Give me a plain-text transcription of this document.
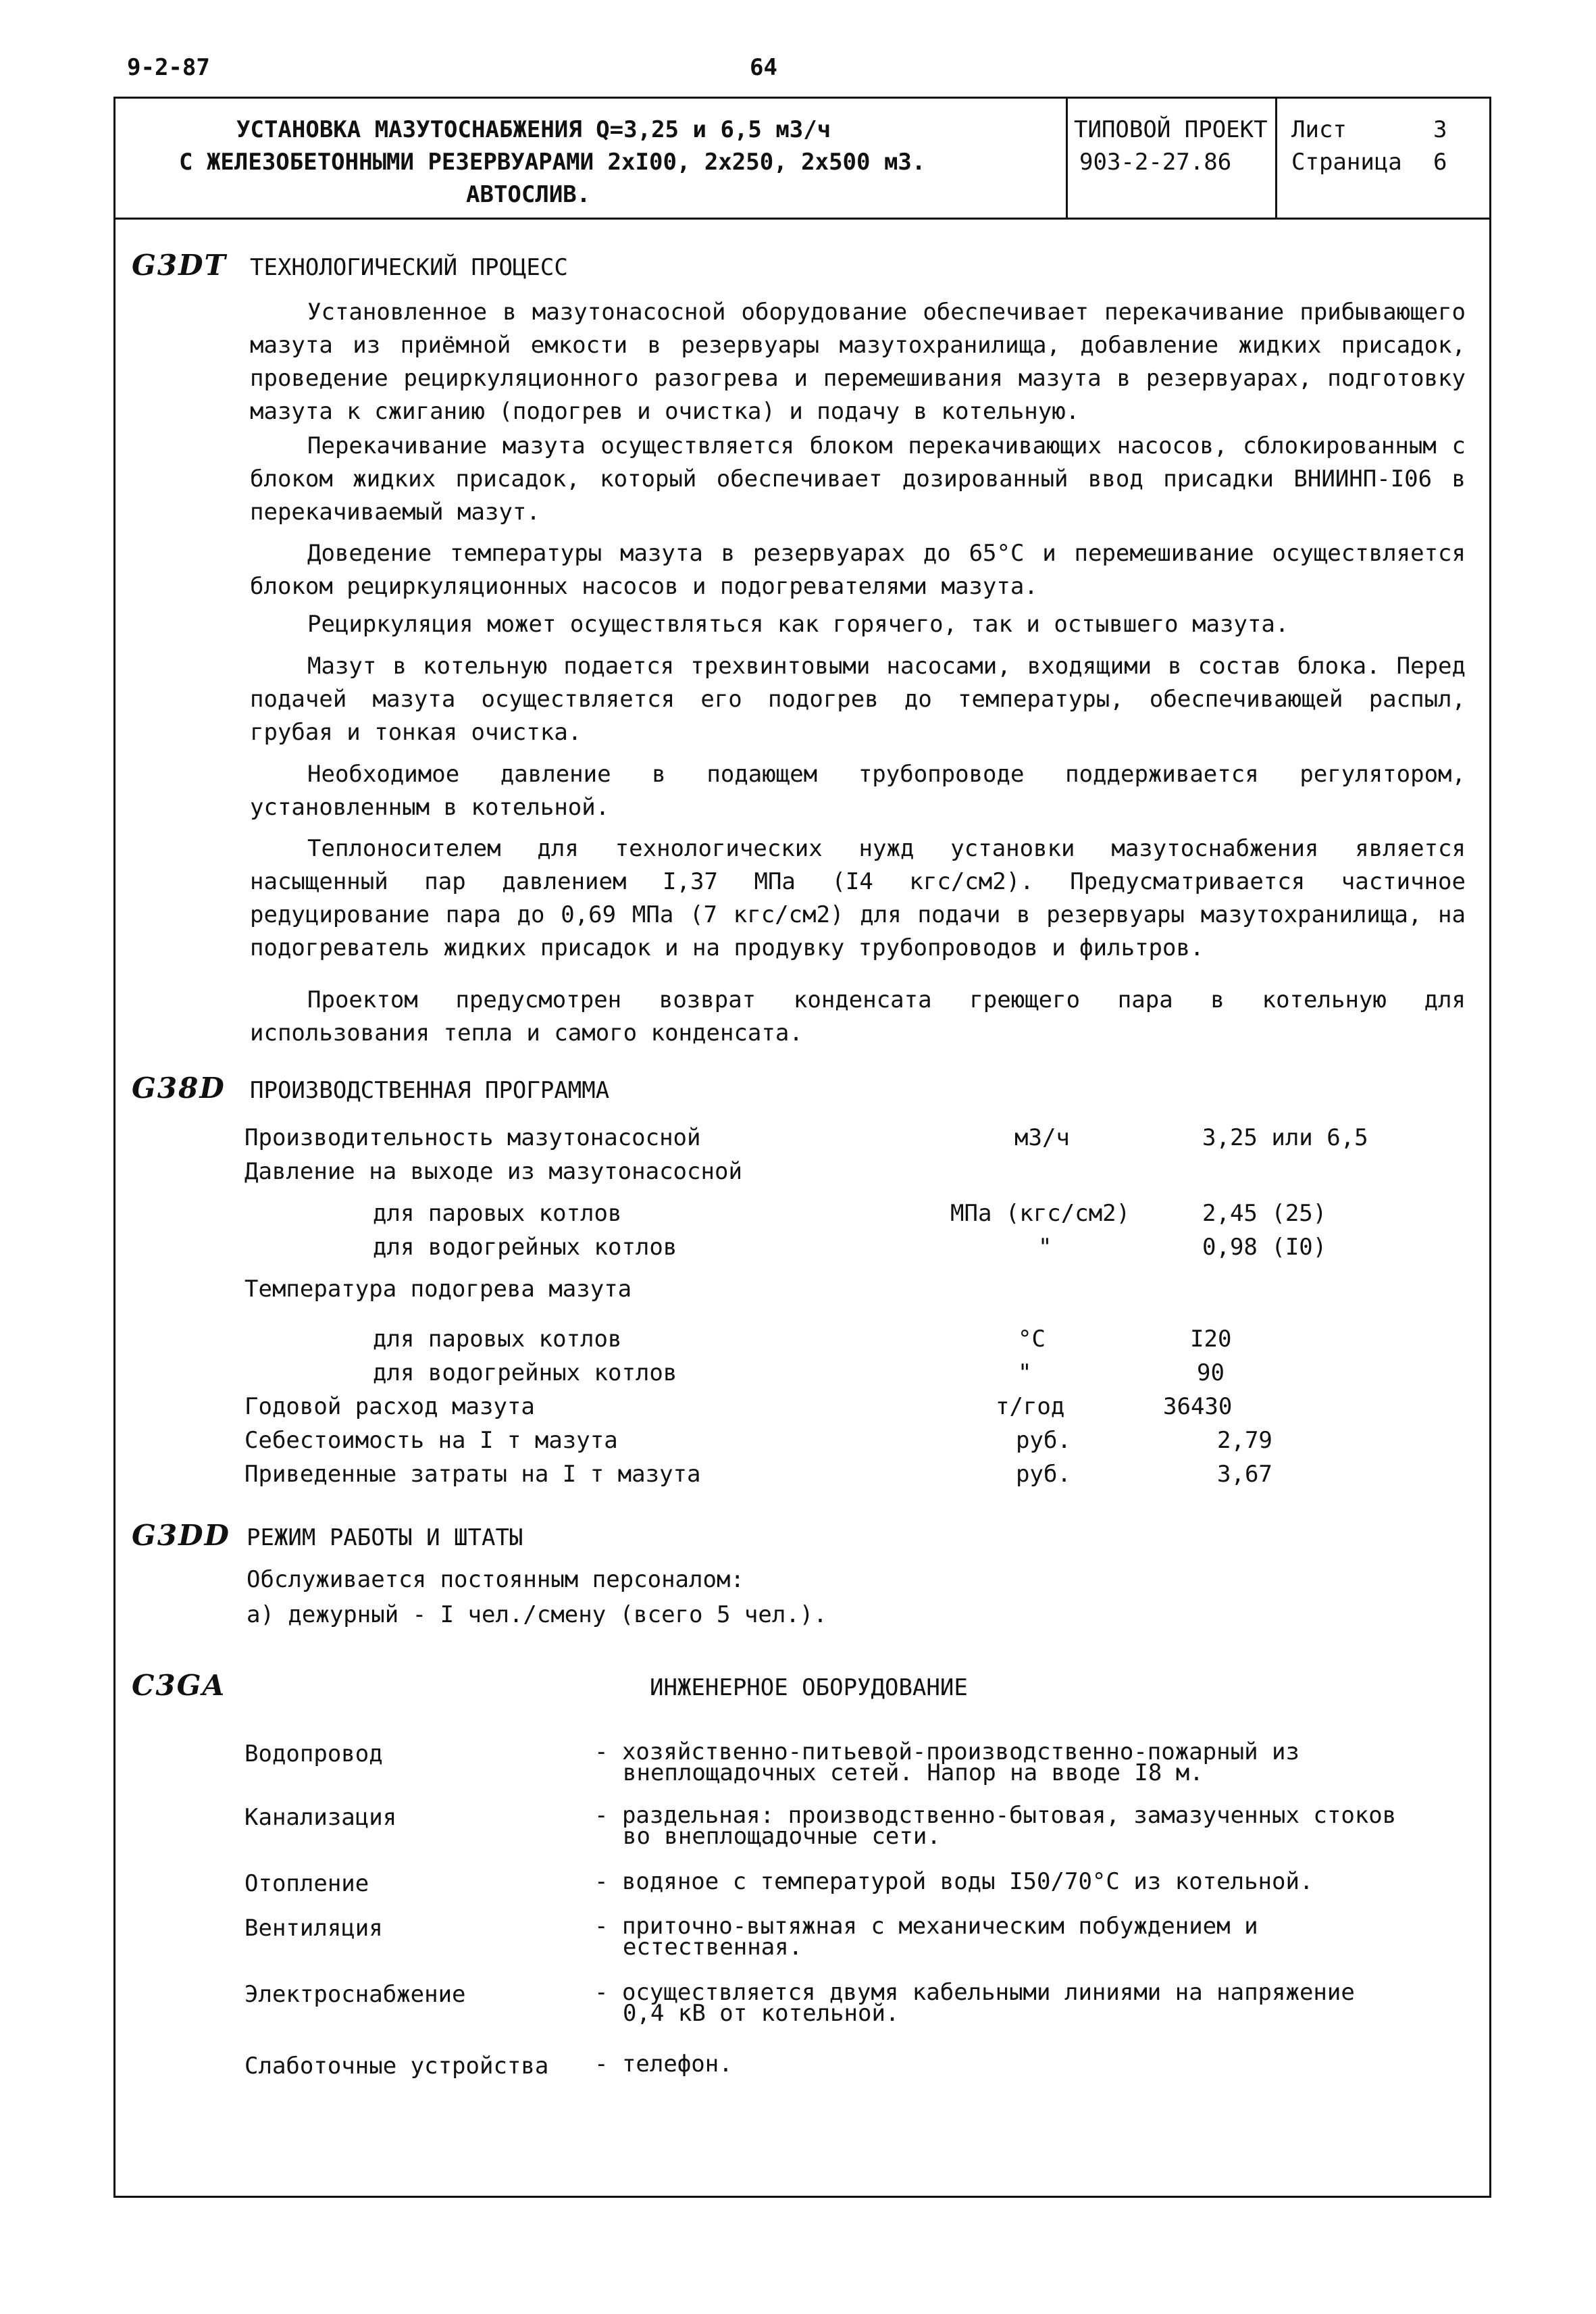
9-2-87	64
УСТАНОВКА МАЗУТОСНАБЖЕНИЯ Q=3,25 и 6,5 м3/ч
С ЖЕЛЕЗОБЕТОННЫМИ РЕЗЕРВУАРАМИ 2хI00, 2х250, 2х500 м3.
АВТОСЛИВ.
ТИПОВОЙ ПРОЕКТ
903-2-27.86
Лист	3
Страница 6
G3DT ТЕХНОЛОГИЧЕСКИЙ ПРОЦЕСС
Установленное в мазутонасосной оборудование обеспечивает перекачивание прибывающего мазута из приёмной емкости в резервуары мазутохранилища, добавление жидких присадок, проведение рециркуляционного разогрева и перемешивания мазута в резервуарах, подготовку мазута к сжиганию (подогрев и очистка) и подачу в котельную.
Перекачивание мазута осуществляется блоком перекачивающих насосов, сблокированным с блоком жидких присадок, который обеспечивает дозированный ввод присадки ВНИИНП-I06 в перекачиваемый мазут.
Доведение температуры мазута в резервуарах до 65°С и перемешивание осуществляется блоком рециркуляционных насосов и подогревателями мазута.
Рециркуляция может осуществляться как горячего, так и остывшего мазута.
Мазут в котельную подается трехвинтовыми насосами, входящими в состав блока. Перед подачей мазута осуществляется его подогрев до температуры, обеспечивающей распыл, грубая и тонкая очистка.
Необходимое давление в подающем трубопроводе поддерживается регулятором, установленным в котельной.
Теплоносителем для технологических нужд установки мазутоснабжения является насыщенный пар давлением I,37 МПа (I4 кгс/см2). Предусматривается частичное редуцирование пара до 0,69 МПа (7 кгс/см2) для подачи в резервуары мазутохранилища, на подогреватель жидких присадок и на продувку трубопроводов и фильтров.
Проектом предусмотрен возврат конденсата греющего пара в котельную для использования тепла и самого конденсата.
G38D ПРОИЗВОДСТВЕННАЯ ПРОГРАММА
Производительность мазутонасосной	м3/ч	3,25 или 6,5
Давление на выходе из мазутонасосной
для паровых котлов	МПа (кгс/см2)	2,45 (25)
для водогрейных котлов	"	0,98 (I0)
Температура подогрева мазута
для паровых котлов	°С	I20
для водогрейных котлов	"	90
Годовой расход мазута	т/год	36430
Себестоимость на I т мазута	руб.	2,79
Приведенные затраты на I т мазута	руб.	3,67
G3DD РЕЖИМ РАБОТЫ И ШТАТЫ
Обслуживается постоянным персоналом:
а) дежурный - I чел./смену (всего 5 чел.).
C3GA	ИНЖЕНЕРНОЕ ОБОРУДОВАНИЕ
Водопровод	- хозяйственно-питьевой-производственно-пожарный из
внеплощадочных сетей. Напор на вводе I8 м.
Канализация	- раздельная: производственно-бытовая, замазученных стоков
во внеплощадочные сети.
Отопление	- водяное с температурой воды I50/70°С из котельной.
Вентиляция	- приточно-вытяжная с механическим побуждением и
естественная.
Электроснабжение	- осуществляется двумя кабельными линиями на напряжение
0,4 кВ от котельной.
Слаботочные устройства - телефон.
